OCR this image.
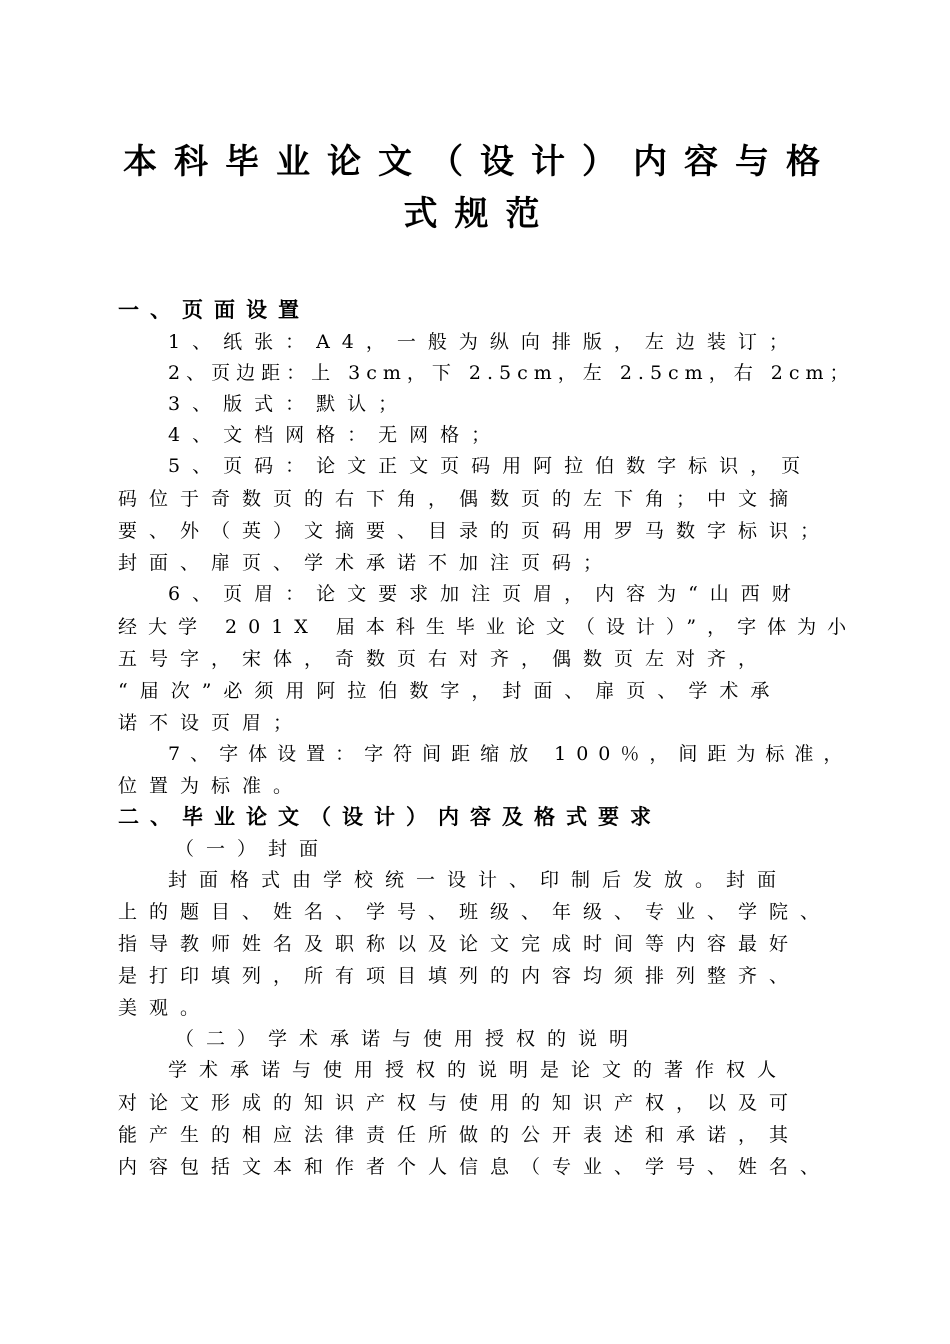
本科毕业论文（设计）内容与格
式规范
一、页面设置
1、纸张：A4，一般为纵向排版，左边装订；
2、页边距：上 3cm，下 2.5cm，左 2.5cm，右 2cm；
3、版式：默认；
4、文档网格：无网格；
5、页码：论文正文页码用阿拉伯数字标识，页
码位于奇数页的右下角，偶数页的左下角；中文摘
要、外（英）文摘要、目录的页码用罗马数字标识；
封面、扉页、学术承诺不加注页码；
6、页眉：论文要求加注页眉，内容为“山西财
经大学 201X 届本科生毕业论文（设计）”，字体为小
五号字，宋体，奇数页右对齐，偶数页左对齐，
“届次”必须用阿拉伯数字，封面、扉页、学术承
诺不设页眉；
7、字体设置：字符间距缩放 100％，间距为标准，
位置为标准。
二、毕业论文（设计）内容及格式要求
（一）封面
封面格式由学校统一设计、印制后发放。封面
上的题目、姓名、学号、班级、年级、专业、学院、
指导教师姓名及职称以及论文完成时间等内容最好
是打印填列，所有项目填列的内容均须排列整齐、
美观。
（二）学术承诺与使用授权的说明
学术承诺与使用授权的说明是论文的著作权人
对论文形成的知识产权与使用的知识产权，以及可
能产生的相应法律责任所做的公开表述和承诺，其
内容包括文本和作者个人信息（专业、学号、姓名、
